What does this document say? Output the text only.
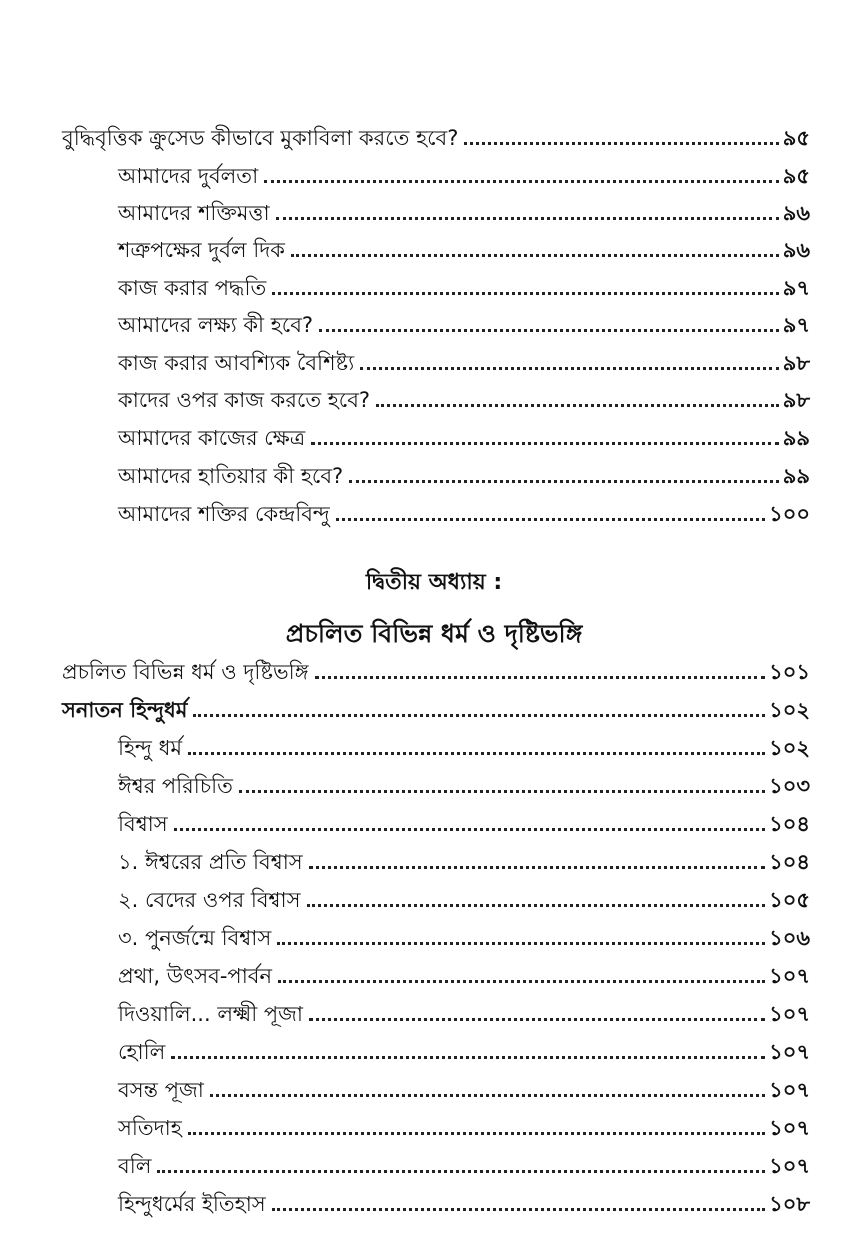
বুদ্ধিবৃত্তিক ক্রুসেড কীভাবে মুকাবিলা করতে হবে?	৯৫
আমাদের দুর্বলতা	৯৫
আমাদের শক্তিমত্তা	৯৬
শত্রুপক্ষের দুর্বল দিক	৯৬
কাজ করার পদ্ধতি	৯৭
আমাদের লক্ষ্য কী হবে?	৯৭
কাজ করার আবশ্যিক বৈশিষ্ট্য	৯৮
কাদের ওপর কাজ করতে হবে?	৯৮
আমাদের কাজের ক্ষেত্র	৯৯
আমাদের হাতিয়ার কী হবে?	৯৯
আমাদের শক্তির কেন্দ্রবিন্দু	১০০
দ্বিতীয় অধ্যায় :
প্রচলিত বিভিন্ন ধর্ম ও দৃষ্টিভঙ্গি
প্রচলিত বিভিন্ন ধর্ম ও দৃষ্টিভঙ্গি	১০১
সনাতন হিন্দুধর্ম	১০২
হিন্দু ধর্ম	১০২
ঈশ্বর পরিচিতি	১০৩
বিশ্বাস	১০৪
১. ঈশ্বরের প্রতি বিশ্বাস	১০৪
২. বেদের ওপর বিশ্বাস	১০৫
৩. পুনর্জন্মে বিশ্বাস	১০৬
প্রথা, উৎসব-পার্বন	১০৭
দিওয়ালি... লক্ষ্মী পূজা	১০৭
হোলি	১০৭
বসন্ত পূজা	১০৭
সতিদাহ	১০৭
বলি	১০৭
হিন্দুধর্মের ইতিহাস	১০৮
